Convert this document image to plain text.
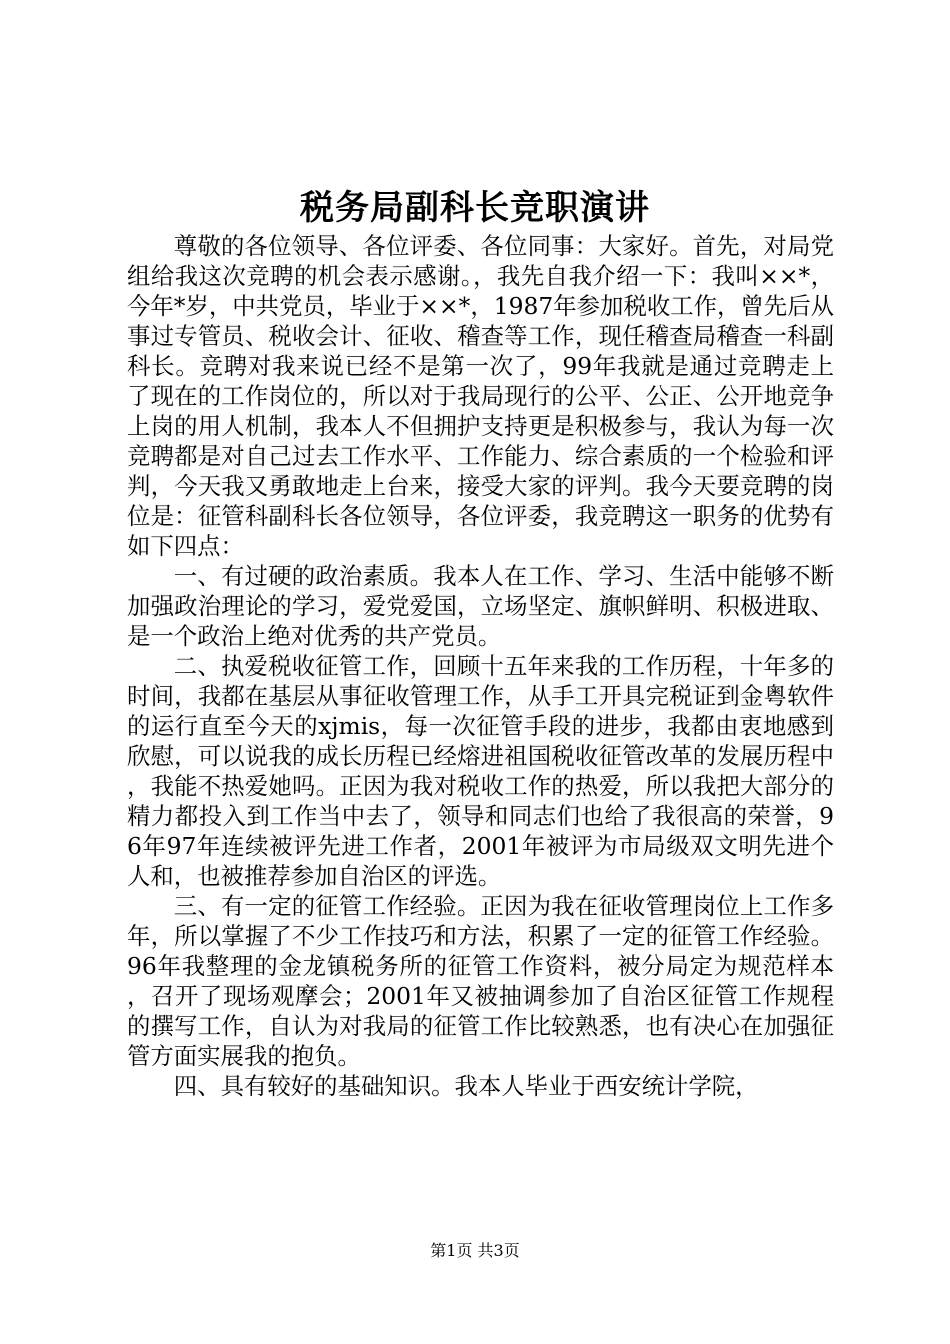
税务局副科长竞职演讲

尊敬的各位领导、各位评委、各位同事：大家好。首先，对局党组给我这次竞聘的机会表示感谢。，我先自我介绍一下：我叫××*，今年*岁，中共党员，毕业于××*，1987年参加税收工作，曾先后从事过专管员、税收会计、征收、稽查等工作，现任稽查局稽查一科副科长。竞聘对我来说已经不是第一次了，99年我就是通过竞聘走上了现在的工作岗位的，所以对于我局现行的公平、公正、公开地竞争上岗的用人机制，我本人不但拥护支持更是积极参与，我认为每一次竞聘都是对自己过去工作水平、工作能力、综合素质的一个检验和评判，今天我又勇敢地走上台来，接受大家的评判。我今天要竞聘的岗位是：征管科副科长各位领导，各位评委，我竞聘这一职务的优势有如下四点：

一、有过硬的政治素质。我本人在工作、学习、生活中能够不断加强政治理论的学习，爱党爱国，立场坚定、旗帜鲜明、积极进取、是一个政治上绝对优秀的共产党员。

二、执爱税收征管工作，回顾十五年来我的工作历程，十年多的时间，我都在基层从事征收管理工作，从手工开具完税证到金粤软件的运行直至今天的xjmis，每一次征管手段的进步，我都由衷地感到欣慰，可以说我的成长历程已经熔进祖国税收征管改革的发展历程中，我能不热爱她吗。正因为我对税收工作的热爱，所以我把大部分的精力都投入到工作当中去了，领导和同志们也给了我很高的荣誉，96年97年连续被评先进工作者，2001年被评为市局级双文明先进个人和，也被推荐参加自治区的评选。

三、有一定的征管工作经验。正因为我在征收管理岗位上工作多年，所以掌握了不少工作技巧和方法，积累了一定的征管工作经验。96年我整理的金龙镇税务所的征管工作资料，被分局定为规范样本，召开了现场观摩会；2001年又被抽调参加了自治区征管工作规程的撰写工作，自认为对我局的征管工作比较熟悉，也有决心在加强征管方面实展我的抱负。

四、具有较好的基础知识。我本人毕业于西安统计学院，

第1页 共3页
